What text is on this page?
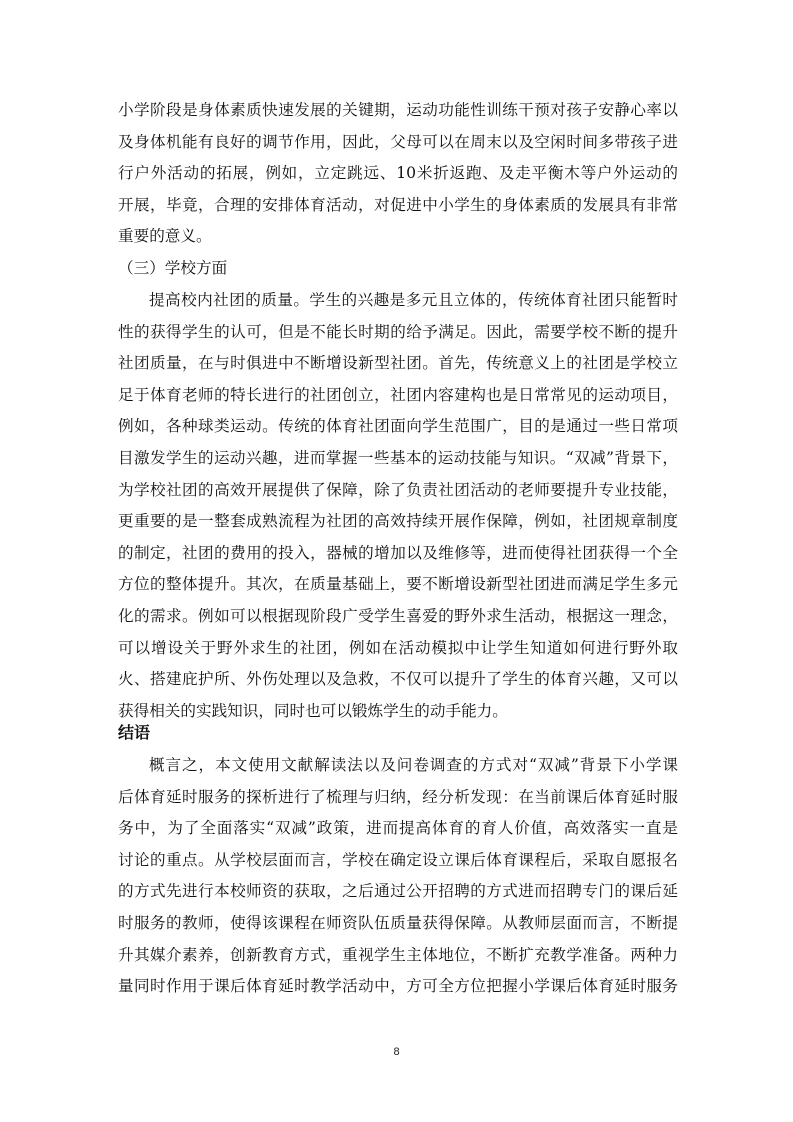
小学阶段是身体素质快速发展的关键期，运动功能性训练干预对孩子安静心率以
及身体机能有良好的调节作用，因此，父母可以在周末以及空闲时间多带孩子进
行户外活动的拓展，例如，立定跳远、10米折返跑、及走平衡木等户外运动的
开展，毕竟，合理的安排体育活动，对促进中小学生的身体素质的发展具有非常
重要的意义。
（三）学校方面
提高校内社团的质量。学生的兴趣是多元且立体的，传统体育社团只能暂时
性的获得学生的认可，但是不能长时期的给予满足。因此，需要学校不断的提升
社团质量，在与时俱进中不断增设新型社团。首先，传统意义上的社团是学校立
足于体育老师的特长进行的社团创立，社团内容建构也是日常常见的运动项目，
例如，各种球类运动。传统的体育社团面向学生范围广，目的是通过一些日常项
目激发学生的运动兴趣，进而掌握一些基本的运动技能与知识。“双减”背景下，
为学校社团的高效开展提供了保障，除了负责社团活动的老师要提升专业技能，
更重要的是一整套成熟流程为社团的高效持续开展作保障，例如，社团规章制度
的制定，社团的费用的投入，器械的增加以及维修等，进而使得社团获得一个全
方位的整体提升。其次，在质量基础上，要不断增设新型社团进而满足学生多元
化的需求。例如可以根据现阶段广受学生喜爱的野外求生活动，根据这一理念，
可以增设关于野外求生的社团，例如在活动模拟中让学生知道如何进行野外取
火、搭建庇护所、外伤处理以及急救，不仅可以提升了学生的体育兴趣，又可以
获得相关的实践知识，同时也可以锻炼学生的动手能力。
结语
概言之，本文使用文献解读法以及问卷调查的方式对“双减”背景下小学课
后体育延时服务的探析进行了梳理与归纳，经分析发现：在当前课后体育延时服
务中，为了全面落实“双减”政策，进而提高体育的育人价值，高效落实一直是
讨论的重点。从学校层面而言，学校在确定设立课后体育课程后，采取自愿报名
的方式先进行本校师资的获取，之后通过公开招聘的方式进而招聘专门的课后延
时服务的教师，使得该课程在师资队伍质量获得保障。从教师层面而言，不断提
升其媒介素养，创新教育方式，重视学生主体地位，不断扩充教学准备。两种力
量同时作用于课后体育延时教学活动中，方可全方位把握小学课后体育延时服务
8
